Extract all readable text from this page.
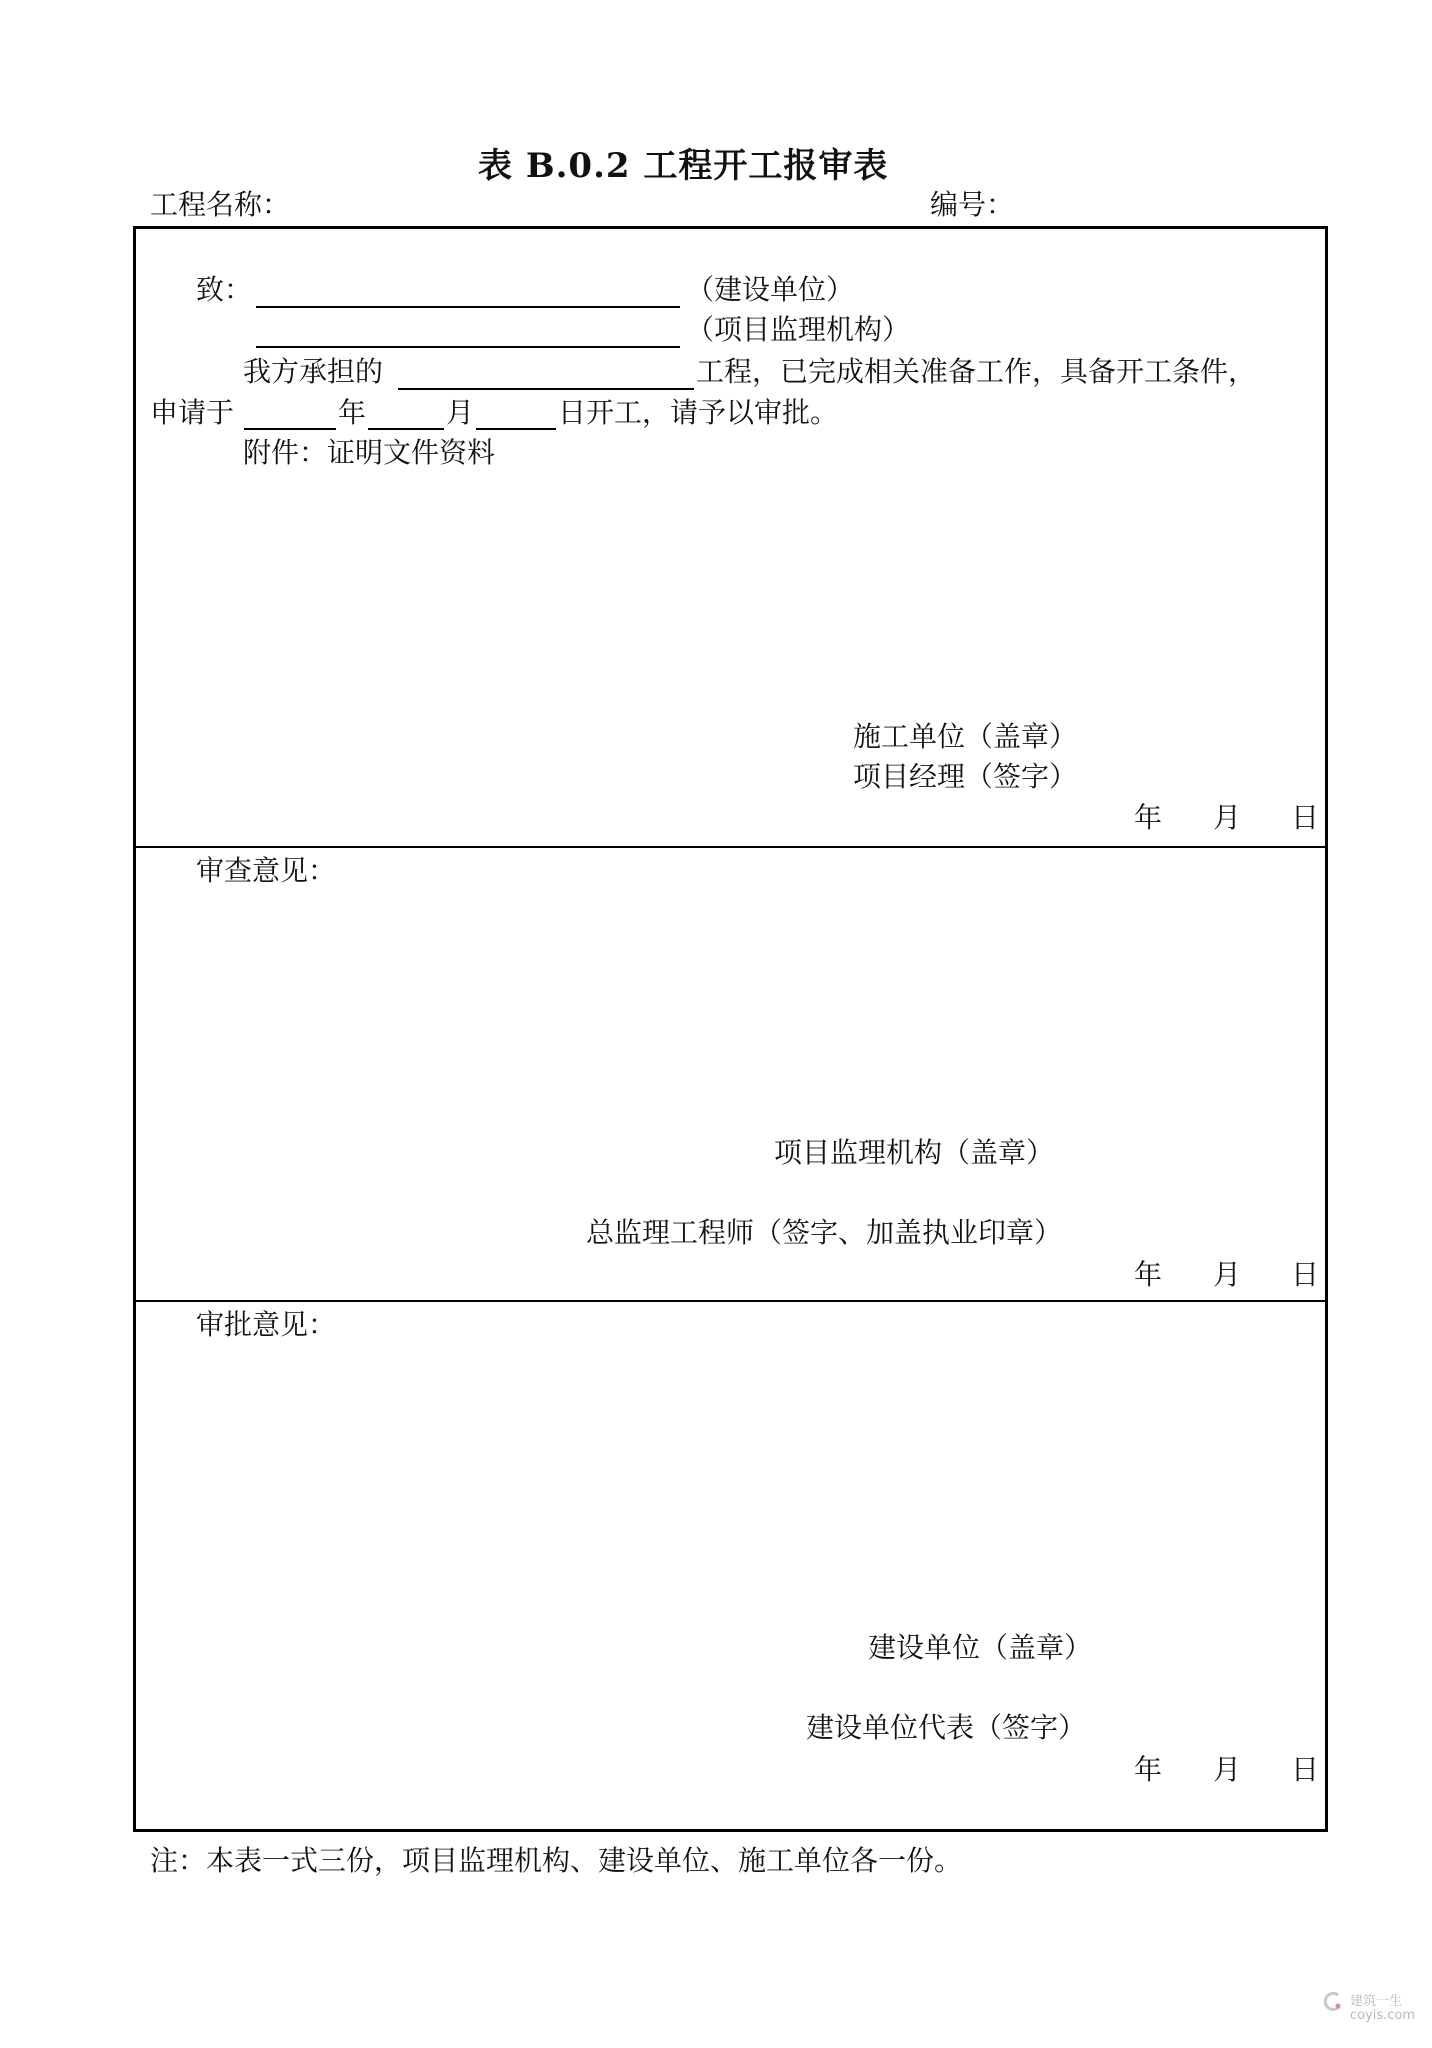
表 B.0.2 工程开工报审表
工程名称：	编号：
致：	（建设单位）
（项目监理机构）
我方承担的	工程，已完成相关准备工作，具备开工条件，
申请于	年	月	日开工，请予以审批。
附件：证明文件资料
施工单位（盖章）
项目经理（签字）
年 月 日
审查意见：
项目监理机构（盖章）
总监理工程师（签字、加盖执业印章）
年 月 日
审批意见：
建设单位（盖章）
建设单位代表（签字）
年 月 日
注：本表一式三份，项目监理机构、建设单位、施工单位各一份。
建筑一生
coyis.com
